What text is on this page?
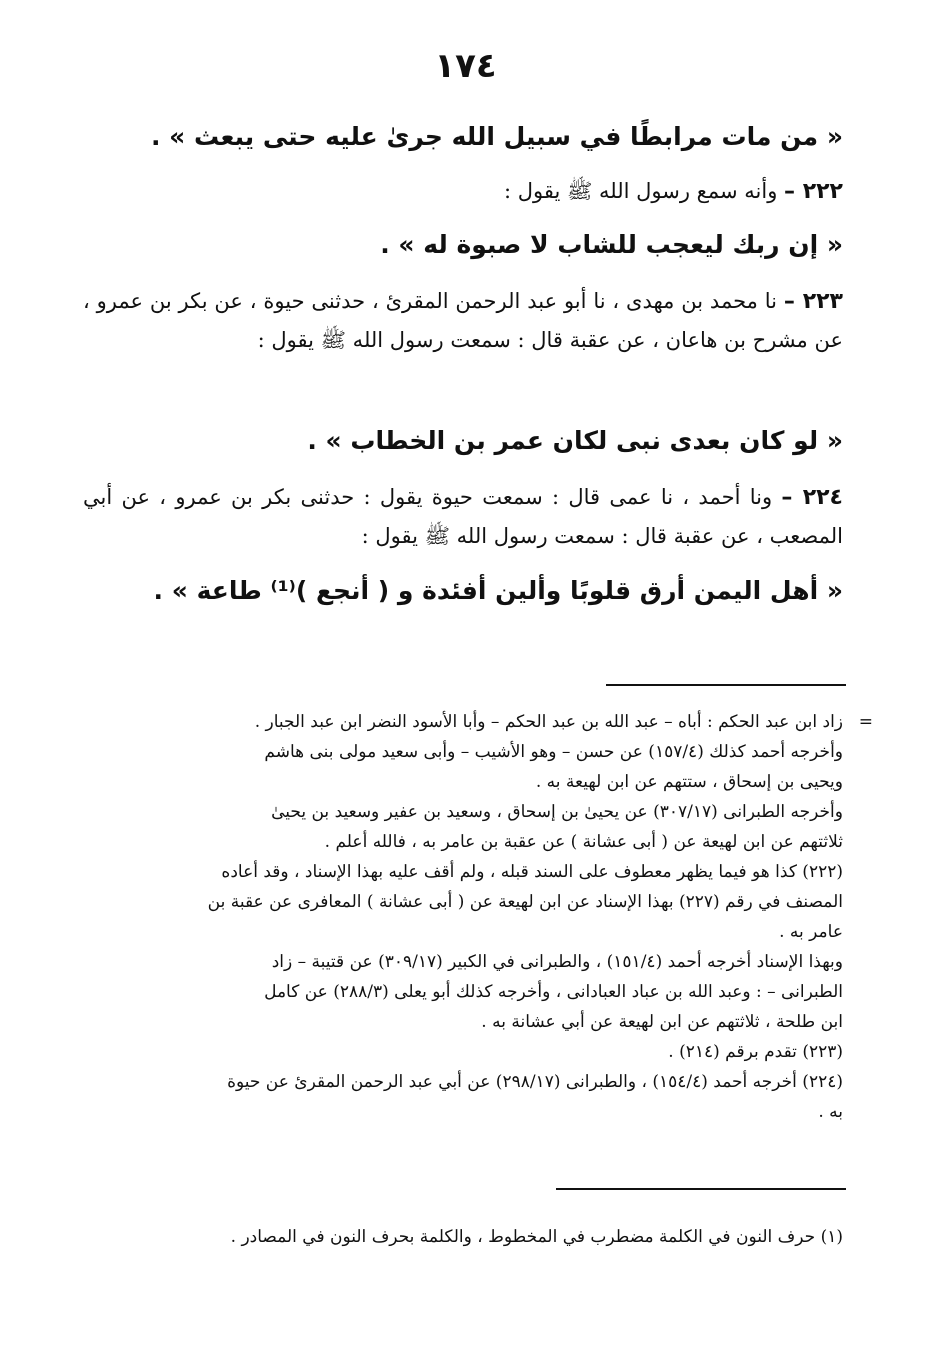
١٧٤
« من مات مرابطًا في سبيل الله جرىٰ عليه حتى يبعث » .
٢٢٢ – وأنه سمع رسول الله ﷺ يقول :
« إن ربك ليعجب للشاب لا صبوة له » .
٢٢٣ – نا محمد بن مهدى ، نا أبو عبد الرحمن المقرئ ، حدثنى حيوة ، عن بكر بن عمرو ، عن مشرح بن هاعان ، عن عقبة قال : سمعت رسول الله ﷺ يقول :
« لو كان بعدى نبى لكان عمر بن الخطاب » .
٢٢٤ – ونا أحمد ، نا عمى قال : سمعت حيوة يقول : حدثنى بكر بن عمرو ، عن أبي المصعب ، عن عقبة قال : سمعت رسول الله ﷺ يقول :
« أهل اليمن أرق قلوبًا وألين أفئدة و ( أنجع )⁽¹⁾ طاعة » .
=
زاد ابن عبد الحكم : أباه – عبد الله بن عبد الحكم – وأبا الأسود النضر ابن عبد الجبار .
وأخرجه أحمد كذلك (١٥٧/٤) عن حسن – وهو الأشيب – وأبى سعيد مولى بنى هاشم
ويحيى بن إسحاق ، ستتهم عن ابن لهيعة به .
وأخرجه الطبرانى (٣٠٧/١٧) عن يحيىٰ بن إسحاق ، وسعيد بن عفير وسعيد بن يحيىٰ
ثلاثتهم عن ابن لهيعة عن ( أبى عشانة ) عن عقبة بن عامر به ، فالله أعلم .
(٢٢٢) كذا هو فيما يظهر معطوف على السند قبله ، ولم أقف عليه بهذا الإسناد ، وقد أعاده
المصنف في رقم (٢٢٧) بهذا الإسناد عن ابن لهيعة عن ( أبى عشانة ) المعافرى عن عقبة بن
عامر به .
وبهذا الإسناد أخرجه أحمد (١٥١/٤) ، والطبرانى في الكبير (٣٠٩/١٧) عن قتيبة – زاد
الطبرانى – : وعبد الله بن عباد العبادانى ، وأخرجه كذلك أبو يعلى (٢٨٨/٣) عن كامل
ابن طلحة ، ثلاثتهم عن ابن لهيعة عن أبي عشانة به .
(٢٢٣) تقدم برقم (٢١٤) .
(٢٢٤) أخرجه أحمد (١٥٤/٤) ، والطبرانى (٢٩٨/١٧) عن أبي عبد الرحمن المقرئ عن حيوة
به .
(١) حرف النون في الكلمة مضطرب في المخطوط ، والكلمة بحرف النون في المصادر .
